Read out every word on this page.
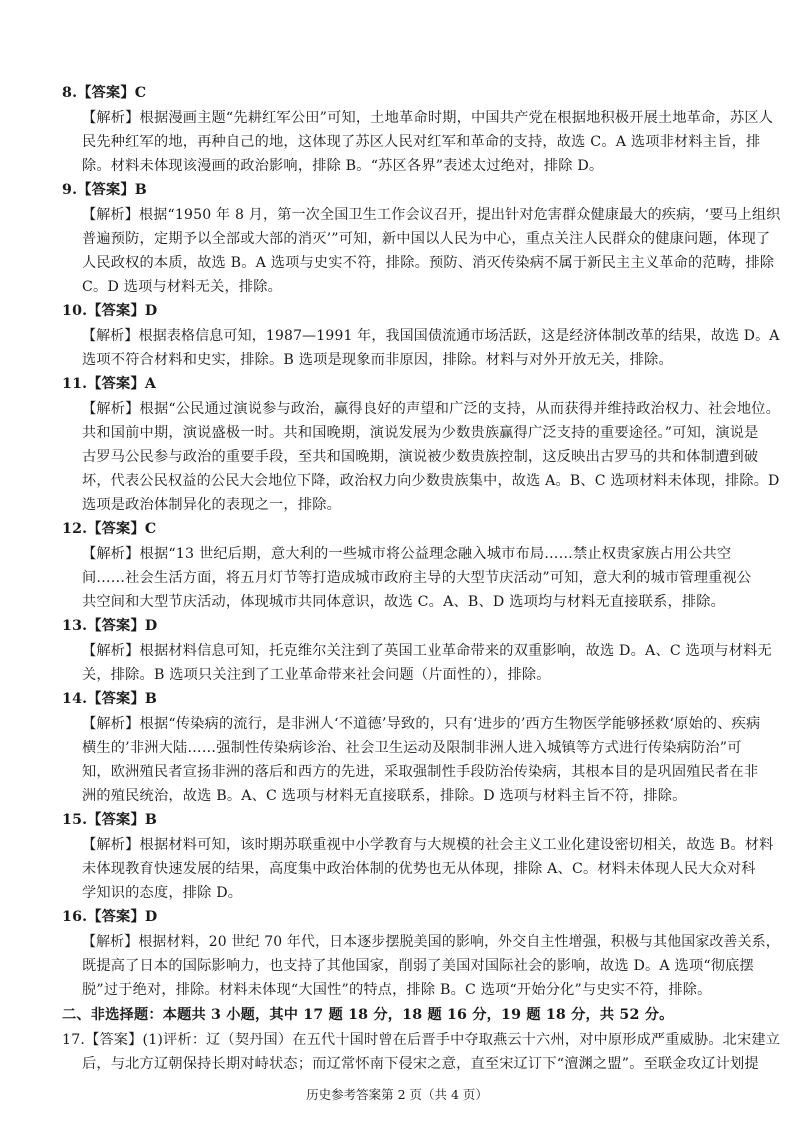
8.【答案】C
【解析】根据漫画主题“先耕红军公田”可知，土地革命时期，中国共产党在根据地积极开展土地革命，苏区人
民先种红军的地，再种自己的地，这体现了苏区人民对红军和革命的支持，故选 C。A 选项非材料主旨，排
除。材料未体现该漫画的政治影响，排除 B。“苏区各界”表述太过绝对，排除 D。
9.【答案】B
【解析】根据“1950 年 8 月，第一次全国卫生工作会议召开，提出针对危害群众健康最大的疾病，‘要马上组织
普遍预防，定期予以全部或大部的消灭’”可知，新中国以人民为中心，重点关注人民群众的健康问题，体现了
人民政权的本质，故选 B。A 选项与史实不符，排除。预防、消灭传染病不属于新民主主义革命的范畴，排除
C。D 选项与材料无关，排除。
10.【答案】D
【解析】根据表格信息可知，1987—1991 年，我国国债流通市场活跃，这是经济体制改革的结果，故选 D。A
选项不符合材料和史实，排除。B 选项是现象而非原因，排除。材料与对外开放无关，排除。
11.【答案】A
【解析】根据“公民通过演说参与政治，赢得良好的声望和广泛的支持，从而获得并维持政治权力、社会地位。
共和国前中期，演说盛极一时。共和国晚期，演说发展为少数贵族赢得广泛支持的重要途径。”可知，演说是
古罗马公民参与政治的重要手段，至共和国晚期，演说被少数贵族控制，这反映出古罗马的共和体制遭到破
坏，代表公民权益的公民大会地位下降，政治权力向少数贵族集中，故选 A。B、C 选项材料未体现，排除。D
选项是政治体制异化的表现之一，排除。
12.【答案】C
【解析】根据“13 世纪后期，意大利的一些城市将公益理念融入城市布局……禁止权贵家族占用公共空
间……社会生活方面，将五月灯节等打造成城市政府主导的大型节庆活动”可知，意大利的城市管理重视公
共空间和大型节庆活动，体现城市共同体意识，故选 C。A、B、D 选项均与材料无直接联系，排除。
13.【答案】D
【解析】根据材料信息可知，托克维尔关注到了英国工业革命带来的双重影响，故选 D。A、C 选项与材料无
关，排除。B 选项只关注到了工业革命带来社会问题（片面性的），排除。
14.【答案】B
【解析】根据“传染病的流行，是非洲人‘不道德’导致的，只有‘进步的’西方生物医学能够拯救‘原始的、疾病
横生的’非洲大陆……强制性传染病诊治、社会卫生运动及限制非洲人进入城镇等方式进行传染病防治”可
知，欧洲殖民者宣扬非洲的落后和西方的先进，采取强制性手段防治传染病，其根本目的是巩固殖民者在非
洲的殖民统治，故选 B。A、C 选项与材料无直接联系，排除。D 选项与材料主旨不符，排除。
15.【答案】B
【解析】根据材料可知，该时期苏联重视中小学教育与大规模的社会主义工业化建设密切相关，故选 B。材料
未体现教育快速发展的结果，高度集中政治体制的优势也无从体现，排除 A、C。材料未体现人民大众对科
学知识的态度，排除 D。
16.【答案】D
【解析】根据材料，20 世纪 70 年代，日本逐步摆脱美国的影响，外交自主性增强，积极与其他国家改善关系，
既提高了日本的国际影响力，也支持了其他国家，削弱了美国对国际社会的影响，故选 D。A 选项“彻底摆
脱”过于绝对，排除。材料未体现“大国性”的特点，排除 B。C 选项“开始分化”与史实不符，排除。
二、非选择题：本题共 3 小题，其中 17 题 18 分，18 题 16 分，19 题 18 分，共 52 分。
17.【答案】(1)评析：辽（契丹国）在五代十国时曾在后晋手中夺取燕云十六州，对中原形成严重威胁。北宋建立
后，与北方辽朝保持长期对峙状态；而辽常怀南下侵宋之意，直至宋辽订下“澶渊之盟”。至联金攻辽计划提
历史参考答案第 2 页（共 4 页）
